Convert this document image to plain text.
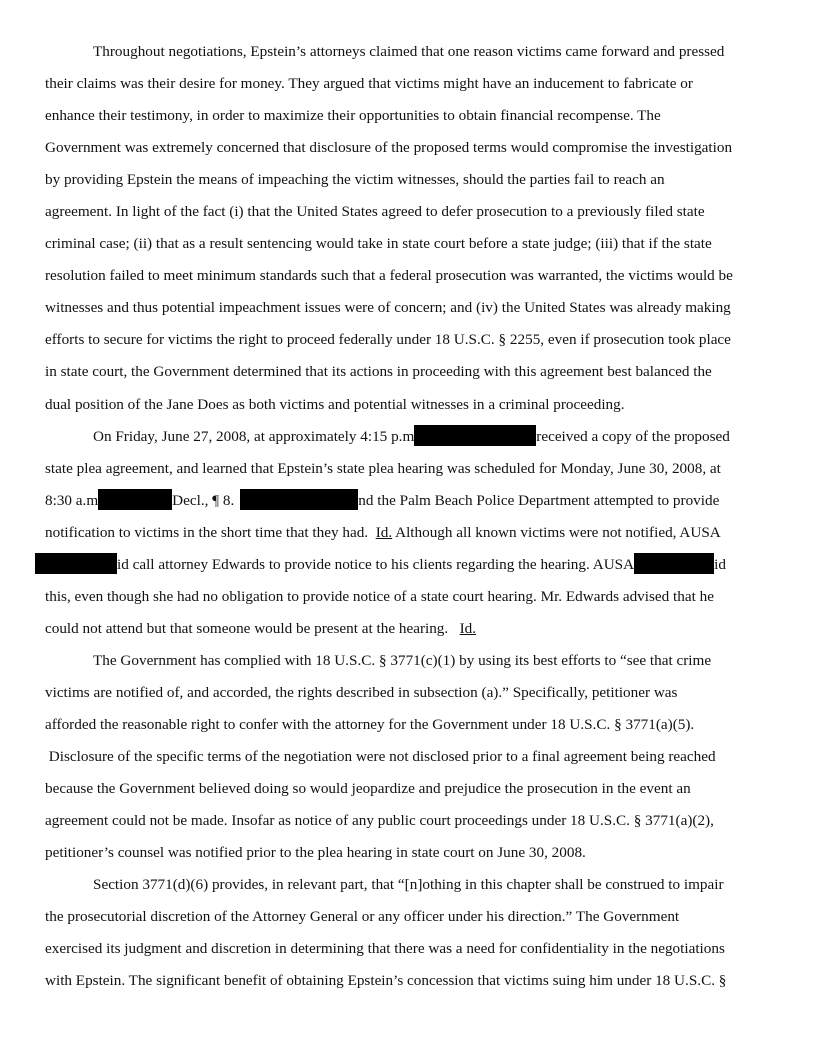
Throughout negotiations, Epstein’s attorneys claimed that one reason victims came forward and pressed
their claims was their desire for money. They argued that victims might have an inducement to fabricate or
enhance their testimony, in order to maximize their opportunities to obtain financial recompense. The
Government was extremely concerned that disclosure of the proposed terms would compromise the investigation
by providing Epstein the means of impeaching the victim witnesses, should the parties fail to reach an
agreement. In light of the fact (i) that the United States agreed to defer prosecution to a previously filed state
criminal case; (ii) that as a result sentencing would take in state court before a state judge; (iii) that if the state
resolution failed to meet minimum standards such that a federal prosecution was warranted, the victims would be
witnesses and thus potential impeachment issues were of concern; and (iv) the United States was already making
efforts to secure for victims the right to proceed federally under 18 U.S.C. § 2255, even if prosecution took place
in state court, the Government determined that its actions in proceeding with this agreement best balanced the
dual position of the Jane Does as both victims and potential witnesses in a criminal proceeding.
On Friday, June 27, 2008, at approximately 4:15 p.m	received a copy of the proposed
state plea agreement, and learned that Epstein’s state plea hearing was scheduled for Monday, June 30, 2008, at
8:30 a.m	Decl., ¶ 8.	nd the Palm Beach Police Department attempted to provide
notification to victims in the short time that they had. Id. Although all known victims were not notified, AUSA
id call attorney Edwards to provide notice to his clients regarding the hearing. AUSA	id
this, even though she had no obligation to provide notice of a state court hearing. Mr. Edwards advised that he
could not attend but that someone would be present at the hearing. Id.
The Government has complied with 18 U.S.C. § 3771(c)(1) by using its best efforts to “see that crime
victims are notified of, and accorded, the rights described in subsection (a).” Specifically, petitioner was
afforded the reasonable right to confer with the attorney for the Government under 18 U.S.C. § 3771(a)(5).
Disclosure of the specific terms of the negotiation were not disclosed prior to a final agreement being reached
because the Government believed doing so would jeopardize and prejudice the prosecution in the event an
agreement could not be made. Insofar as notice of any public court proceedings under 18 U.S.C. § 3771(a)(2),
petitioner’s counsel was notified prior to the plea hearing in state court on June 30, 2008.
Section 3771(d)(6) provides, in relevant part, that “[n]othing in this chapter shall be construed to impair
the prosecutorial discretion of the Attorney General or any officer under his direction.” The Government
exercised its judgment and discretion in determining that there was a need for confidentiality in the negotiations
with Epstein. The significant benefit of obtaining Epstein’s concession that victims suing him under 18 U.S.C. §
